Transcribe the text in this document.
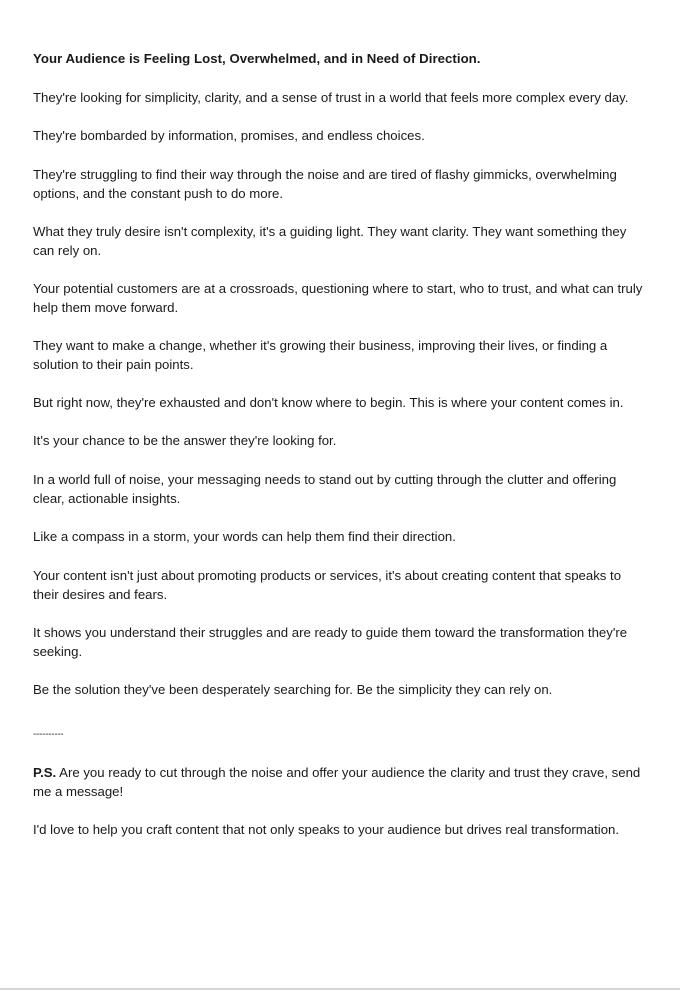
Your Audience is Feeling Lost, Overwhelmed, and in Need of Direction.

They're looking for simplicity, clarity, and a sense of trust in a world that feels more complex every day.

They're bombarded by information, promises, and endless choices.

They're struggling to find their way through the noise and are tired of flashy gimmicks, overwhelming options, and the constant push to do more.

What they truly desire isn't complexity, it's a guiding light. They want clarity. They want something they can rely on.

Your potential customers are at a crossroads, questioning where to start, who to trust, and what can truly help them move forward.

They want to make a change, whether it's growing their business, improving their lives, or finding a solution to their pain points.

But right now, they're exhausted and don't know where to begin. This is where your content comes in.

It's your chance to be the answer they're looking for.

In a world full of noise, your messaging needs to stand out by cutting through the clutter and offering clear, actionable insights.

Like a compass in a storm, your words can help them find their direction.

Your content isn't just about promoting products or services, it's about creating content that speaks to their desires and fears.

It shows you understand their struggles and are ready to guide them toward the transformation they're seeking.

Be the solution they've been desperately searching for. Be the simplicity they can rely on.

----------

P.S. Are you ready to cut through the noise and offer your audience the clarity and trust they crave, send me a message!

I'd love to help you craft content that not only speaks to your audience but drives real transformation.
